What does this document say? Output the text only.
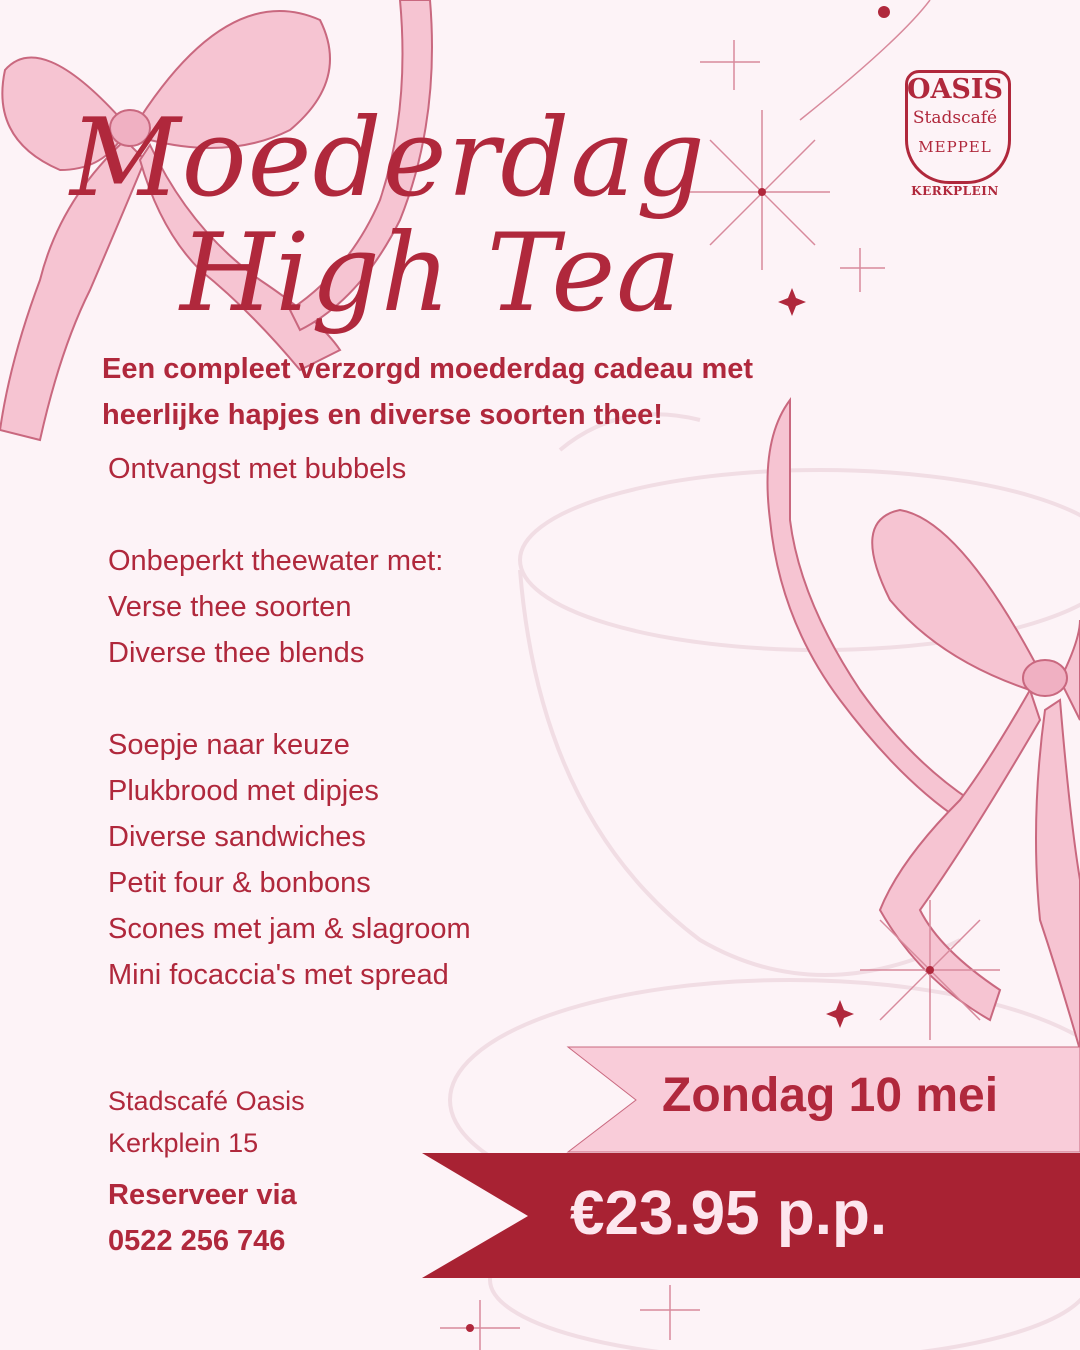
Moederdag
High Tea
OASIS
Stadscafé
MEPPEL
KERKPLEIN
Een compleet verzorgd moederdag cadeau met
heerlijke hapjes en diverse soorten thee!
Ontvangst met bubbels
Onbeperkt theewater met:
Verse thee soorten
Diverse thee blends
Soepje naar keuze
Plukbrood met dipjes
Diverse sandwiches
Petit four & bonbons
Scones met jam & slagroom
Mini focaccia's met spread
Stadscafé Oasis
Kerkplein 15
Reserveer via
0522 256 746
Zondag 10 mei
€23.95 p.p.
